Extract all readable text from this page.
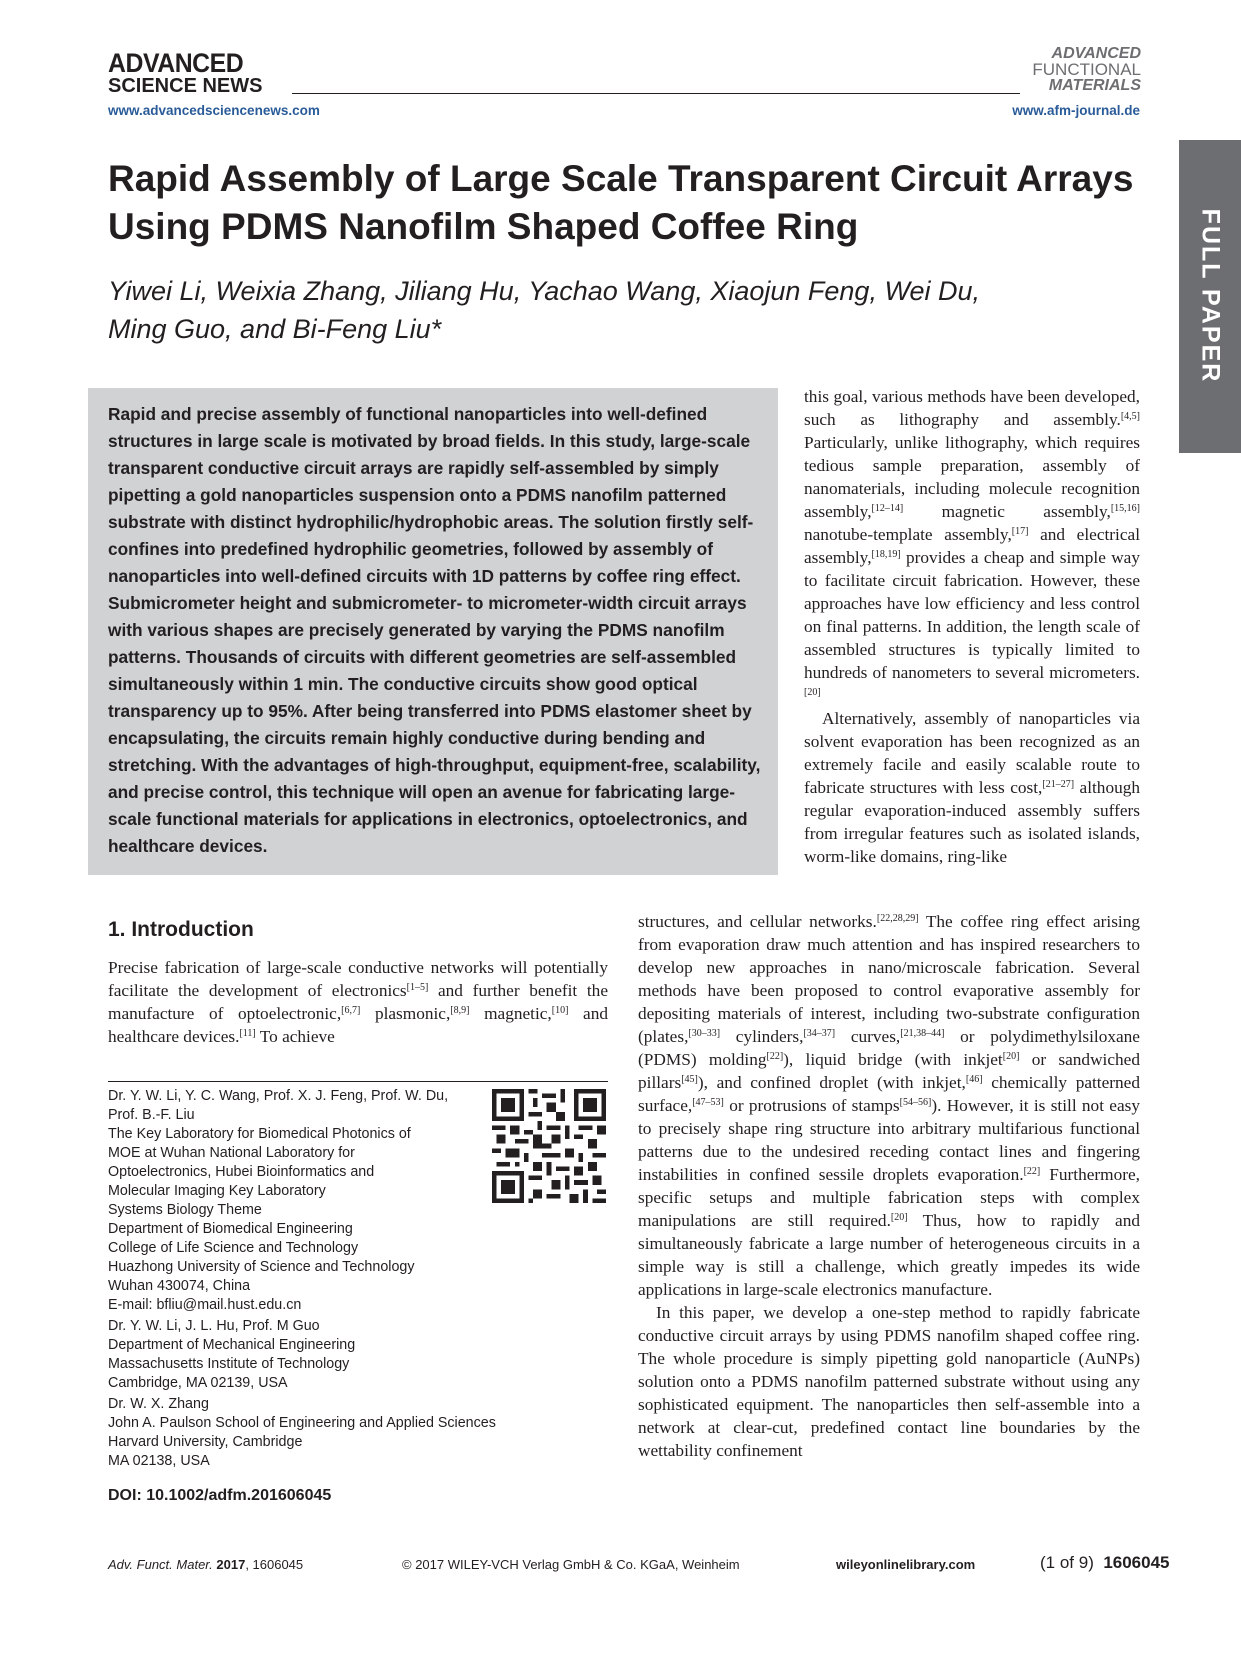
ADVANCED
SCIENCE NEWS
www.advancedsciencenews.com
ADVANCED
FUNCTIONAL
MATERIALS
www.afm-journal.de
FULL PAPER
Rapid Assembly of Large Scale Transparent Circuit Arrays
Using PDMS Nanofilm Shaped Coffee Ring
Yiwei Li, Weixia Zhang, Jiliang Hu, Yachao Wang, Xiaojun Feng, Wei Du,
Ming Guo, and Bi-Feng Liu*
Rapid and precise assembly of functional nanoparticles into well-defined structures in large scale is motivated by broad fields. In this study, large-scale transparent conductive circuit arrays are rapidly self-assembled by simply pipetting a gold nanoparticles suspension onto a PDMS nanofilm patterned substrate with distinct hydrophilic/hydrophobic areas. The solution firstly self-confines into predefined hydrophilic geometries, followed by assembly of nanoparticles into well-defined circuits with 1D patterns by coffee ring effect. Submicrometer height and submicrometer- to micrometer-width circuit arrays with various shapes are precisely generated by varying the PDMS nanofilm patterns. Thousands of circuits with different geometries are self-assembled simultaneously within 1 min. The conductive circuits show good optical transparency up to 95%. After being transferred into PDMS elastomer sheet by encapsulating, the circuits remain highly conductive during bending and stretching. With the advantages of high-throughput, equipment-free, scalability, and precise control, this technique will open an avenue for fabricating large-scale functional materials for applications in electronics, optoelectronics, and healthcare devices.

this goal, various methods have been developed, such as lithography and assembly.[4,5] Particularly, unlike lithography, which requires tedious sample preparation, assembly of nanomaterials, including molecule recognition assembly,[12–14] magnetic assembly,[15,16] nanotube-template assembly,[17] and electrical assembly,[18,19] provides a cheap and simple way to facilitate circuit fabrication. However, these approaches have low efficiency and less control on final patterns. In addition, the length scale of assembled structures is typically limited to hundreds of nanometers to several micrometers.[20]

Alternatively, assembly of nanoparticles via solvent evaporation has been recognized as an extremely facile and easily scalable route to fabricate structures with less cost,[21–27] although regular evaporation-induced assembly suffers from irregular features such as isolated islands, worm-like domains, ring-like

structures, and cellular networks.[22,28,29] The coffee ring effect arising from evaporation draw much attention and has inspired researchers to develop new approaches in nano/microscale fabrication. Several methods have been proposed to control evaporative assembly for depositing materials of interest, including two-substrate configuration (plates,[30–33] cylinders,[34–37] curves,[21,38–44] or polydimethylsiloxane (PDMS) molding[22]), liquid bridge (with inkjet[20] or sandwiched pillars[45]), and confined droplet (with inkjet,[46] chemically patterned surface,[47–53] or protrusions of stamps[54–56]). However, it is still not easy to precisely shape ring structure into arbitrary multifarious functional patterns due to the undesired receding contact lines and fingering instabilities in confined sessile droplets evaporation.[22] Furthermore, specific setups and multiple fabrication steps with complex manipulations are still required.[20] Thus, how to rapidly and simultaneously fabricate a large number of heterogeneous circuits in a simple way is still a challenge, which greatly impedes its wide applications in large-scale electronics manufacture.

In this paper, we develop a one-step method to rapidly fabricate conductive circuit arrays by using PDMS nanofilm shaped coffee ring. The whole procedure is simply pipetting gold nanoparticle (AuNPs) solution onto a PDMS nanofilm patterned substrate without using any sophisticated equipment. The nanoparticles then self-assemble into a network at clear-cut, predefined contact line boundaries by the wettability confinement

1. Introduction

Precise fabrication of large-scale conductive networks will potentially facilitate the development of electronics[1–5] and further benefit the manufacture of optoelectronic,[6,7] plasmonic,[8,9] magnetic,[10] and healthcare devices.[11] To achieve

Dr. Y. W. Li, Y. C. Wang, Prof. X. J. Feng, Prof. W. Du,
Prof. B.-F. Liu
The Key Laboratory for Biomedical Photonics of
MOE at Wuhan National Laboratory for
Optoelectronics, Hubei Bioinformatics and
Molecular Imaging Key Laboratory
Systems Biology Theme
Department of Biomedical Engineering
College of Life Science and Technology
Huazhong University of Science and Technology
Wuhan 430074, China
E-mail: bfliu@mail.hust.edu.cn
Dr. Y. W. Li, J. L. Hu, Prof. M Guo
Department of Mechanical Engineering
Massachusetts Institute of Technology
Cambridge, MA 02139, USA
Dr. W. X. Zhang
John A. Paulson School of Engineering and Applied Sciences
Harvard University, Cambridge
MA 02138, USA
DOI: 10.1002/adfm.201606045
Adv. Funct. Mater. 2017, 1606045	© 2017 WILEY-VCH Verlag GmbH & Co. KGaA, Weinheim	wileyonlinelibrary.com	(1 of 9) 1606045
